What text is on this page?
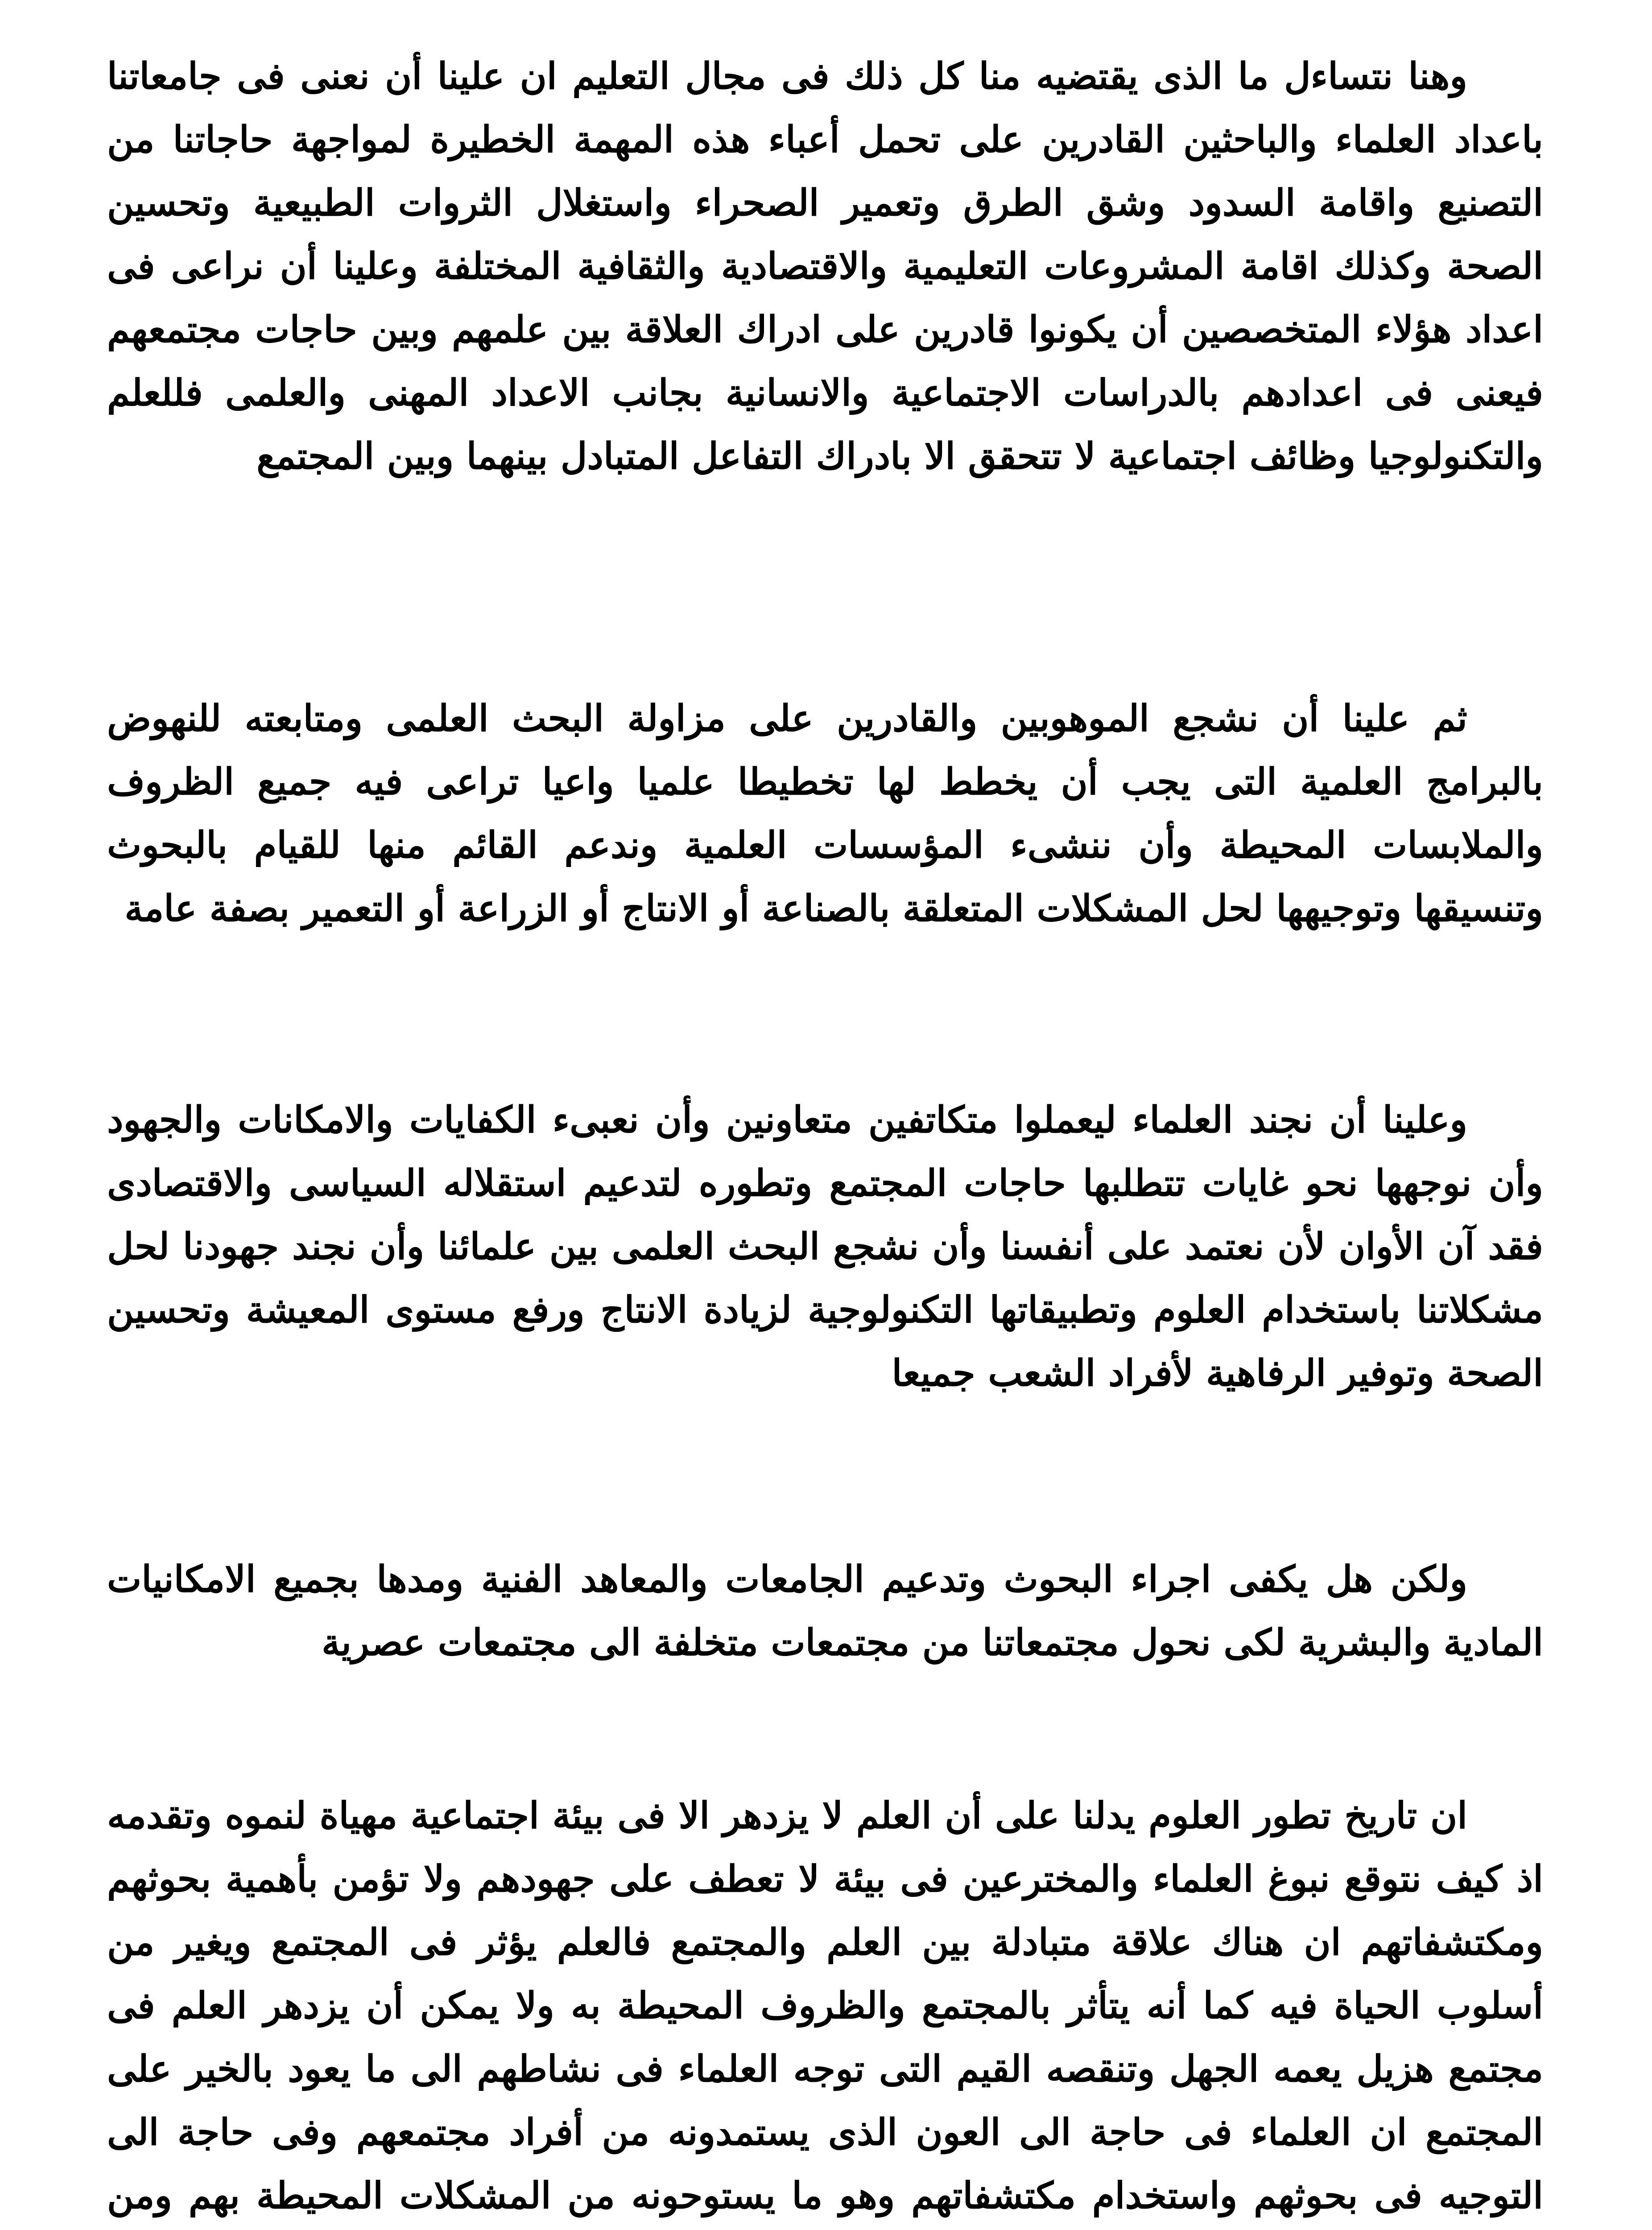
وهنا نتساءل ما الذى يقتضيه منا كل ذلك فى مجال التعليم ان علينا أن نعنى فى جامعاتنا باعداد العلماء والباحثين القادرين على تحمل أعباء هذه المهمة الخطيرة لمواجهة حاجاتنا من التصنيع واقامة السدود وشق الطرق وتعمير الصحراء واستغلال الثروات الطبيعية وتحسين الصحة وكذلك اقامة المشروعات التعليمية والاقتصادية والثقافية المختلفة وعلينا أن نراعى فى اعداد هؤلاء المتخصصين أن يكونوا قادرين على ادراك العلاقة بين علمهم وبين حاجات مجتمعهم فيعنى فى اعدادهم بالدراسات الاجتماعية والانسانية بجانب الاعداد المهنى والعلمى فللعلم والتكنولوجيا وظائف اجتماعية لا تتحقق الا بادراك التفاعل المتبادل بينهما وبين المجتمع

ثم علينا أن نشجع الموهوبين والقادرين على مزاولة البحث العلمى ومتابعته للنهوض بالبرامج العلمية التى يجب أن يخطط لها تخطيطا علميا واعيا تراعى فيه جميع الظروف والملابسات المحيطة وأن ننشىء المؤسسات العلمية وندعم القائم منها للقيام بالبحوث وتنسيقها وتوجيهها لحل المشكلات المتعلقة بالصناعة أو الانتاج أو الزراعة أو التعمير بصفة عامة

وعلينا أن نجند العلماء ليعملوا متكاتفين متعاونين وأن نعبىء الكفايات والامكانات والجهود وأن نوجهها نحو غايات تتطلبها حاجات المجتمع وتطوره لتدعيم استقلاله السياسى والاقتصادى فقد آن الأوان لأن نعتمد على أنفسنا وأن نشجع البحث العلمى بين علمائنا وأن نجند جهودنا لحل مشكلاتنا باستخدام العلوم وتطبيقاتها التكنولوجية لزيادة الانتاج ورفع مستوى المعيشة وتحسين الصحة وتوفير الرفاهية لأفراد الشعب جميعا

ولكن هل يكفى اجراء البحوث وتدعيم الجامعات والمعاهد الفنية ومدها بجميع الامكانيات المادية والبشرية لكى نحول مجتمعاتنا من مجتمعات متخلفة الى مجتمعات عصرية

ان تاريخ تطور العلوم يدلنا على أن العلم لا يزدهر الا فى بيئة اجتماعية مهياة لنموه وتقدمه اذ كيف نتوقع نبوغ العلماء والمخترعين فى بيئة لا تعطف على جهودهم ولا تؤمن بأهمية بحوثهم ومكتشفاتهم ان هناك علاقة متبادلة بين العلم والمجتمع فالعلم يؤثر فى المجتمع ويغير من أسلوب الحياة فيه كما أنه يتأثر بالمجتمع والظروف المحيطة به ولا يمكن أن يزدهر العلم فى مجتمع هزيل يعمه الجهل وتنقصه القيم التى توجه العلماء فى نشاطهم الى ما يعود بالخير على المجتمع ان العلماء فى حاجة الى العون الذى يستمدونه من أفراد مجتمعهم وفى حاجة الى التوجيه فى بحوثهم واستخدام مكتشفاتهم وهو ما يستوحونه من المشكلات المحيطة بهم ومن
